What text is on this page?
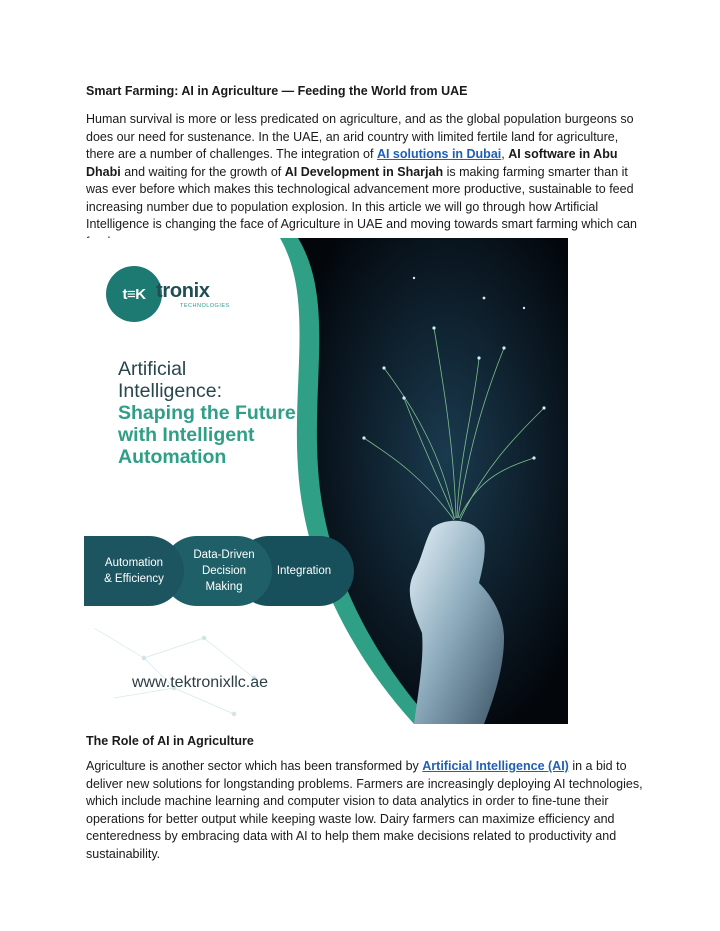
Smart Farming: AI in Agriculture — Feeding the World from UAE

Human survival is more or less predicated on agriculture, and as the global population burgeons so does our need for sustenance. In the UAE, an arid country with limited fertile land for agriculture, there are a number of challenges. The integration of AI solutions in Dubai, AI software in Abu Dhabi and waiting for the growth of AI Development in Sharjah is making farming smarter than it was ever before which makes this technological advancement more productive, sustainable to feed increasing number due to population explosion. In this article we will go through how Artificial Intelligence is changing the face of Agriculture in UAE and moving towards smart farming which can

t≡K tronix
TECHNOLOGIES
Artificial
Intelligence:
Shaping the Future
with Intelligent
Automation
Automation
& Efficiency
Data-Driven
Decision
Making
Integration
www.tektronixllc.ae
The Role of AI in Agriculture

Agriculture is another sector which has been transformed by Artificial Intelligence (AI) in a bid to deliver new solutions for longstanding problems. Farmers are increasingly deploying AI technologies, which include machine learning and computer vision to data analytics in order to fine-tune their operations for better output while keeping waste low. Dairy farmers can maximize efficiency and centeredness by embracing data with AI to help them make decisions related to productivity and sustainability.
